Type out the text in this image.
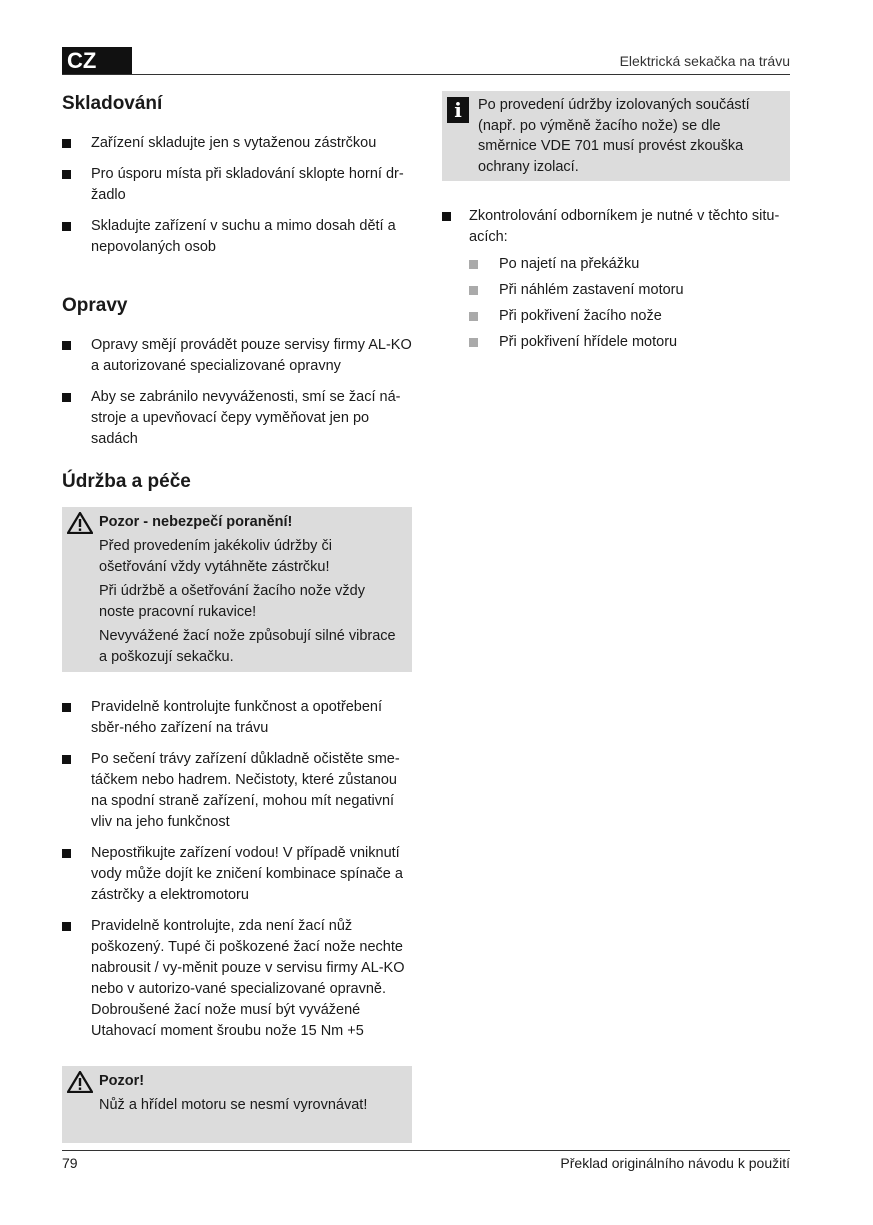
CZ	Elektrická sekačka na trávu
Skladování
Zařízení skladujte jen s vytaženou zástrčkou
Pro úsporu místa při skladování sklopte horní dr-žadlo
Skladujte zařízení v suchu a mimo dosah dětí a nepovolaných osob
Opravy
Opravy smějí provádět pouze servisy firmy AL-KO a autorizované specializované opravny
Aby se zabránilo nevyváženosti, smí se žací ná-stroje a upevňovací čepy vyměňovat jen po sadách
Údržba a péče
Pozor - nebezpečí poranění!
Před provedením jakékoliv údržby či ošetřování vždy vytáhněte zástrčku!
Při údržbě a ošetřování žacího nože vždy noste pracovní rukavice!
Nevyvážené žací nože způsobují silné vibrace a poškozují sekačku.
Pravidelně kontrolujte funkčnost a opotřebení sběr-ného zařízení na trávu
Po sečení trávy zařízení důkladně očistěte sme-táčkem nebo hadrem. Nečistoty, které zůstanou na spodní straně zařízení, mohou mít negativní vliv na jeho funkčnost
Nepostřikujte zařízení vodou! V případě vniknutí vody může dojít ke zničení kombinace spínače a zástrčky a elektromotoru
Pravidelně kontrolujte, zda není žací nůž poškozený. Tupé či poškozené žací nože nechte nabrousit / vy-měnit pouze v servisu firmy AL-KO nebo v autorizo-vané specializované opravně. Dobroušené žací nože musí být vyvážené
Utahovací moment šroubu nože 15 Nm +5
Pozor!
Nůž a hřídel motoru se nesmí vyrovnávat!
i	Po provedení údržby izolovaných součástí (např. po výměně žacího nože) se dle směrnice VDE 701 musí provést zkouška ochrany izolací.
Zkontrolování odborníkem je nutné v těchto situ-acích:
Po najetí na překážku
Při náhlém zastavení motoru
Při pokřivení žacího nože
Při pokřivení hřídele motoru
79	Překlad originálního návodu k použití
